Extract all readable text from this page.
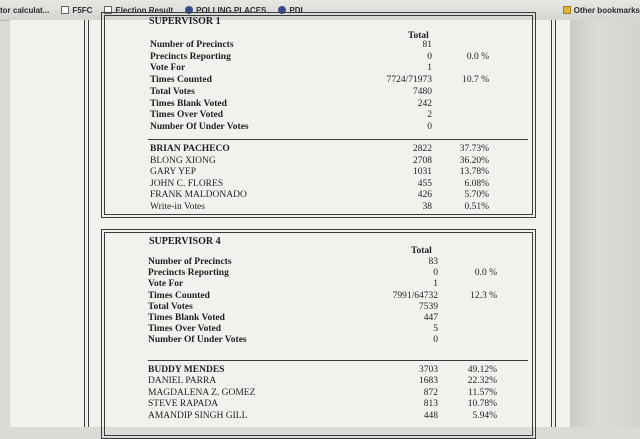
tor calculat...	F5FC	Election Result	POLLING PLACES	PDI	Other bookmarks
SUPERVISOR 1
Total
Number of Precincts	81
Precincts Reporting	0	0.0 %
Vote For	1
Times Counted	7724/71973	10.7 %
Total Votes	7480
Times Blank Voted	242
Times Over Voted	2
Number Of Under Votes	0
BRIAN PACHECO	2822	37.73%
BLONG XIONG	2708	36.20%
GARY YEP	1031	13.78%
JOHN C. FLORES	455	6.08%
FRANK MALDONADO	426	5.70%
Write-in Votes	38	0.51%
SUPERVISOR 4
Total
Number of Precincts	83
Precincts Reporting	0	0.0 %
Vote For	1
Times Counted	7991/64732	12.3 %
Total Votes	7539
Times Blank Voted	447
Times Over Voted	5
Number Of Under Votes	0
BUDDY MENDES	3703	49.12%
DANIEL PARRA	1683	22.32%
MAGDALENA Z. GOMEZ	872	11.57%
STEVE RAPADA	813	10.78%
AMANDIP SINGH GILL	448	5.94%
